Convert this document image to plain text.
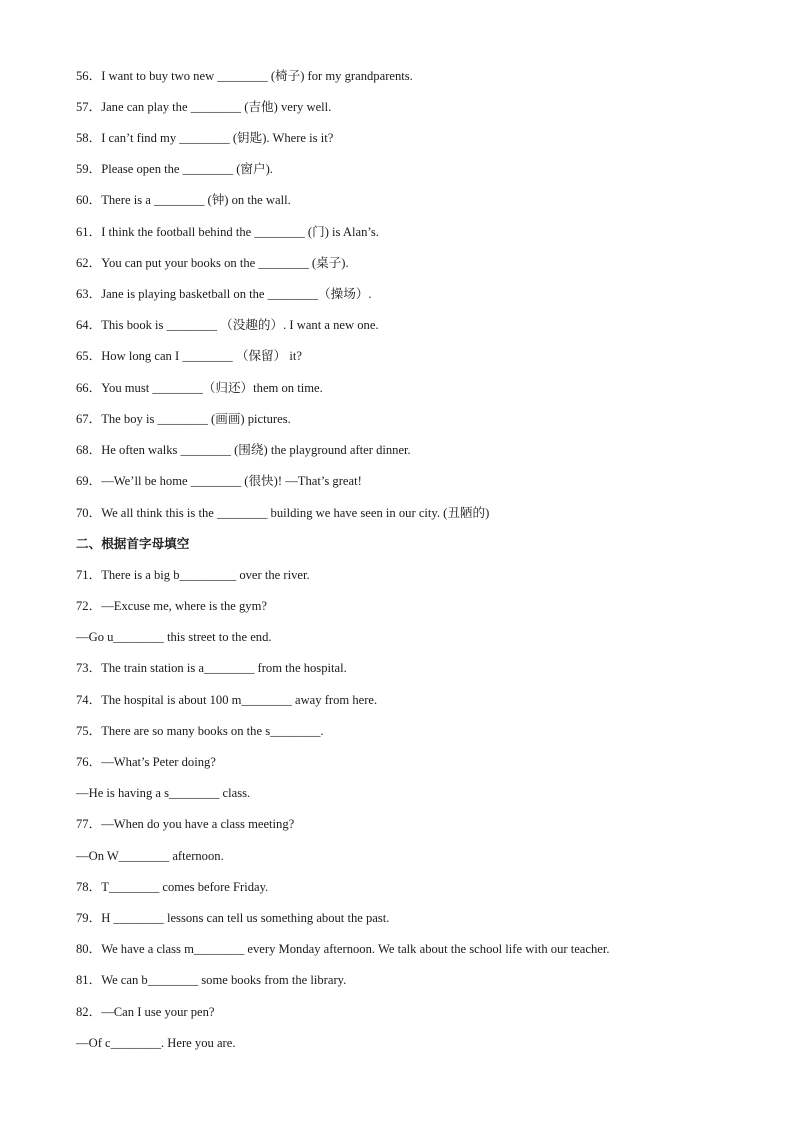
56．I want to buy two new ________ (椅子) for my grandparents.
57．Jane can play the ________ (吉他) very well.
58．I can’t find my ________ (钥匙). Where is it?
59．Please open the ________ (窗户).
60．There is a ________ (钟) on the wall.
61．I think the football behind the ________ (门) is Alan’s.
62．You can put your books on the ________ (桌子).
63．Jane is playing basketball on the ________（操场）.
64．This book is ________ （没趣的）. I want a new one.
65．How long can I ________ （保留） it?
66．You must ________（归还）them on time.
67．The boy is ________ (画画) pictures.
68．He often walks ________ (围绕) the playground after dinner.
69．—We’ll be home ________ (很快)! —That’s great!
70．We all think this is the ________ building we have seen in our city. (丑陋的)
二、根据首字母填空
71．There is a big b_________ over the river.
72．—Excuse me, where is the gym?
—Go u________ this street to the end.
73．The train station is a________ from the hospital.
74．The hospital is about 100 m________ away from here.
75．There are so many books on the s________.
76．—What’s Peter doing?
—He is having a s________ class.
77．—When do you have a class meeting?
—On W________ afternoon.
78．T________ comes before Friday.
79．H ________ lessons can tell us something about the past.
80．We have a class m________ every Monday afternoon. We talk about the school life with our teacher.
81．We can b________ some books from the library.
82．—Can I use your pen?
—Of c________. Here you are.
